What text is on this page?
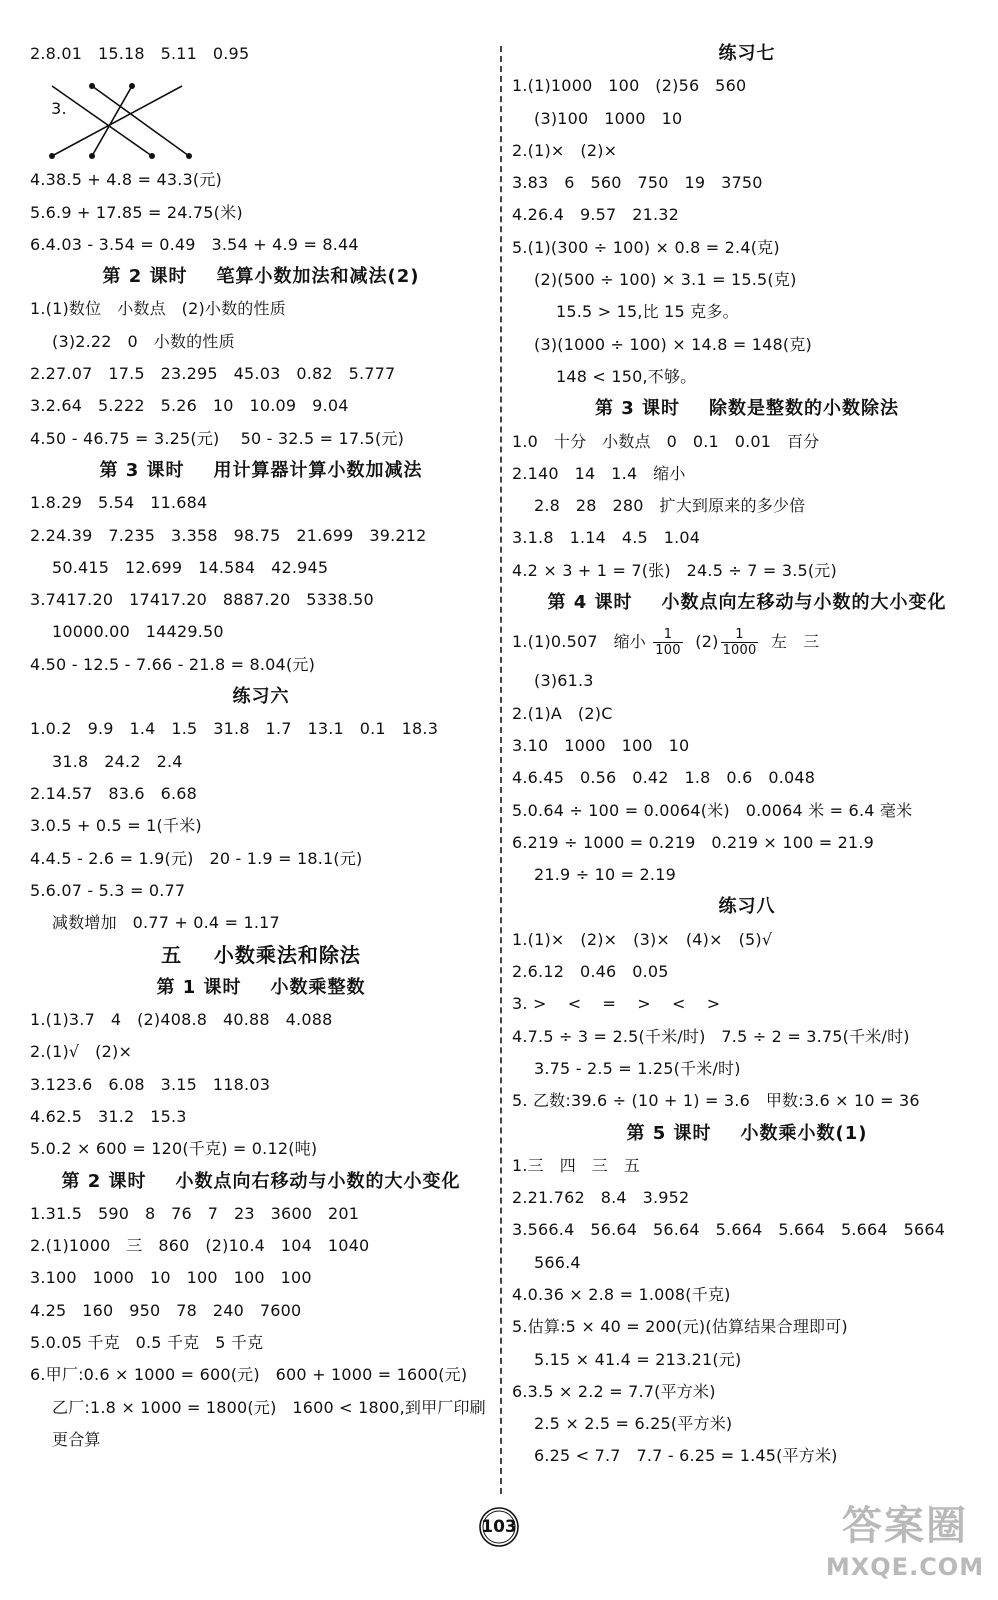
2.8.01   15.18   5.11   0.95

3.

4.38.5 + 4.8 = 43.3(元)
5.6.9 + 17.85 = 24.75(米)
6.4.03 - 3.54 = 0.49   3.54 + 4.9 = 8.44
第 2 课时    笔算小数加法和减法(2)
1.(1)数位   小数点   (2)小数的性质
(3)2.22   0   小数的性质
2.27.07   17.5   23.295   45.03   0.82   5.777
3.2.64   5.222   5.26   10   10.09   9.04
4.50 - 46.75 = 3.25(元)    50 - 32.5 = 17.5(元)
第 3 课时    用计算器计算小数加减法
1.8.29   5.54   11.684
2.24.39   7.235   3.358   98.75   21.699   39.212
50.415   12.699   14.584   42.945
3.7417.20   17417.20   8887.20   5338.50
10000.00   14429.50
4.50 - 12.5 - 7.66 - 21.8 = 8.04(元)
练习六
1.0.2   9.9   1.4   1.5   31.8   1.7   13.1   0.1   18.3
31.8   24.2   2.4
2.14.57   83.6   6.68
3.0.5 + 0.5 = 1(千米)
4.4.5 - 2.6 = 1.9(元)   20 - 1.9 = 18.1(元)
5.6.07 - 5.3 = 0.77
减数增加   0.77 + 0.4 = 1.17
五    小数乘法和除法
第 1 课时    小数乘整数
1.(1)3.7   4   (2)408.8   40.88   4.088
2.(1)√   (2)×
3.123.6   6.08   3.15   118.03
4.62.5   31.2   15.3
5.0.2 × 600 = 120(千克) = 0.12(吨)
第 2 课时    小数点向右移动与小数的大小变化
1.31.5   590   8   76   7   23   3600   201
2.(1)1000   三   860   (2)10.4   104   1040
3.100   1000   10   100   100   100
4.25   160   950   78   240   7600
5.0.05 千克   0.5 千克   5 千克
6.甲厂:0.6 × 1000 = 600(元)   600 + 1000 = 1600(元)
乙厂:1.8 × 1000 = 1800(元)   1600 < 1800,到甲厂印刷
更合算
练习七
1.(1)1000   100   (2)56   560
(3)100   1000   10
2.(1)×   (2)×
3.83   6   560   750   19   3750
4.26.4   9.57   21.32
5.(1)(300 ÷ 100) × 0.8 = 2.4(克)
(2)(500 ÷ 100) × 3.1 = 15.5(克)
15.5 > 15,比 15 克多。
(3)(1000 ÷ 100) × 14.8 = 148(克)
148 < 150,不够。
第 3 课时    除数是整数的小数除法
1.0   十分   小数点   0   0.1   0.01   百分
2.140   14   1.4   缩小
2.8   28   280   扩大到原来的多少倍
3.1.8   1.14   4.5   1.04
4.2 × 3 + 1 = 7(张)   24.5 ÷ 7 = 3.5(元)
第 4 课时    小数点向左移动与小数的大小变化
1.(1)0.507   缩小 $\frac{1}{100} (2) \frac{1}{1000}$ 左   三
(3)61.3
2.(1)A   (2)C
3.10   1000   100   10
4.6.45   0.56   0.42   1.8   0.6   0.048
5.0.64 ÷ 100 = 0.0064(米)   0.0064 米 = 6.4 毫米
6.219 ÷ 1000 = 0.219   0.219 × 100 = 21.9
21.9 ÷ 10 = 2.19
练习八
1.(1)×   (2)×   (3)×   (4)×   (5)√
2.6.12   0.46   0.05
3. >    <    =    >    <    >
4.7.5 ÷ 3 = 2.5(千米/时)   7.5 ÷ 2 = 3.75(千米/时)
3.75 - 2.5 = 1.25(千米/时)
5. 乙数:39.6 ÷ (10 + 1) = 3.6   甲数:3.6 × 10 = 36
第 5 课时    小数乘小数(1)
1.三   四   三   五
2.21.762   8.4   3.952
3.566.4   56.64   56.64   5.664   5.664   5.664   5664
566.4
4.0.36 × 2.8 = 1.008(千克)
5.估算:5 × 40 = 200(元)(估算结果合理即可)
5.15 × 41.4 = 213.21(元)
6.3.5 × 2.2 = 7.7(平方米)
2.5 × 2.5 = 6.25(平方米)
6.25 < 7.7   7.7 - 6.25 = 1.45(平方米)
103	答案圈
MXQE.COM
